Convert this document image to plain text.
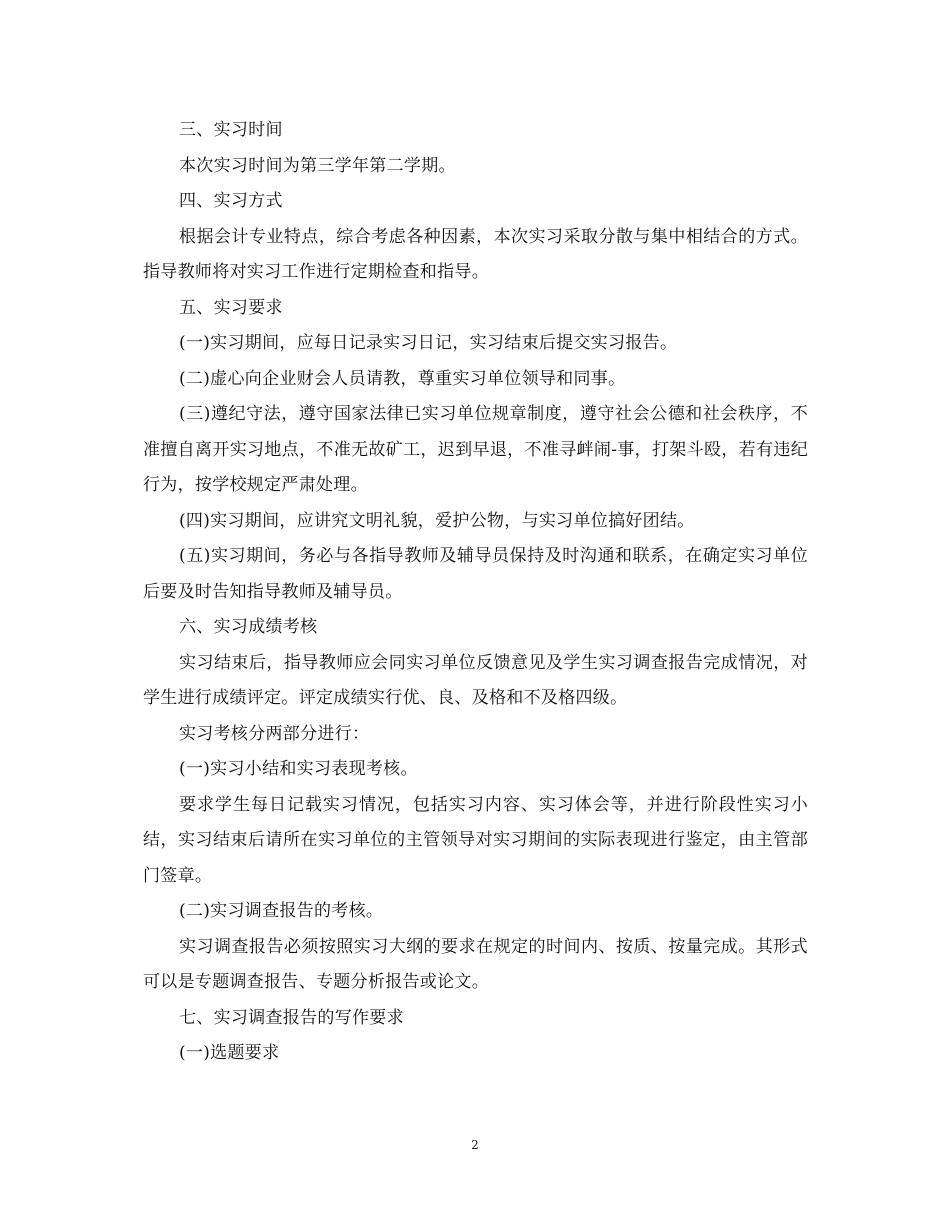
三、实习时间

本次实习时间为第三学年第二学期。

四、实习方式

根据会计专业特点，综合考虑各种因素，本次实习采取分散与集中相结合的方式。指导教师将对实习工作进行定期检查和指导。

五、实习要求

(一)实习期间，应每日记录实习日记，实习结束后提交实习报告。

(二)虚心向企业财会人员请教，尊重实习单位领导和同事。

(三)遵纪守法，遵守国家法律已实习单位规章制度，遵守社会公德和社会秩序，不准擅自离开实习地点，不准无故矿工，迟到早退，不准寻衅闹-事，打架斗殴，若有违纪行为，按学校规定严肃处理。

(四)实习期间，应讲究文明礼貌，爱护公物，与实习单位搞好团结。

(五)实习期间，务必与各指导教师及辅导员保持及时沟通和联系，在确定实习单位后要及时告知指导教师及辅导员。

六、实习成绩考核

实习结束后，指导教师应会同实习单位反馈意见及学生实习调查报告完成情况，对学生进行成绩评定。评定成绩实行优、良、及格和不及格四级。

实习考核分两部分进行：

(一)实习小结和实习表现考核。

要求学生每日记载实习情况，包括实习内容、实习体会等，并进行阶段性实习小结，实习结束后请所在实习单位的主管领导对实习期间的实际表现进行鉴定，由主管部门签章。

(二)实习调查报告的考核。

实习调查报告必须按照实习大纲的要求在规定的时间内、按质、按量完成。其形式可以是专题调查报告、专题分析报告或论文。

七、实习调查报告的写作要求

(一)选题要求

2
